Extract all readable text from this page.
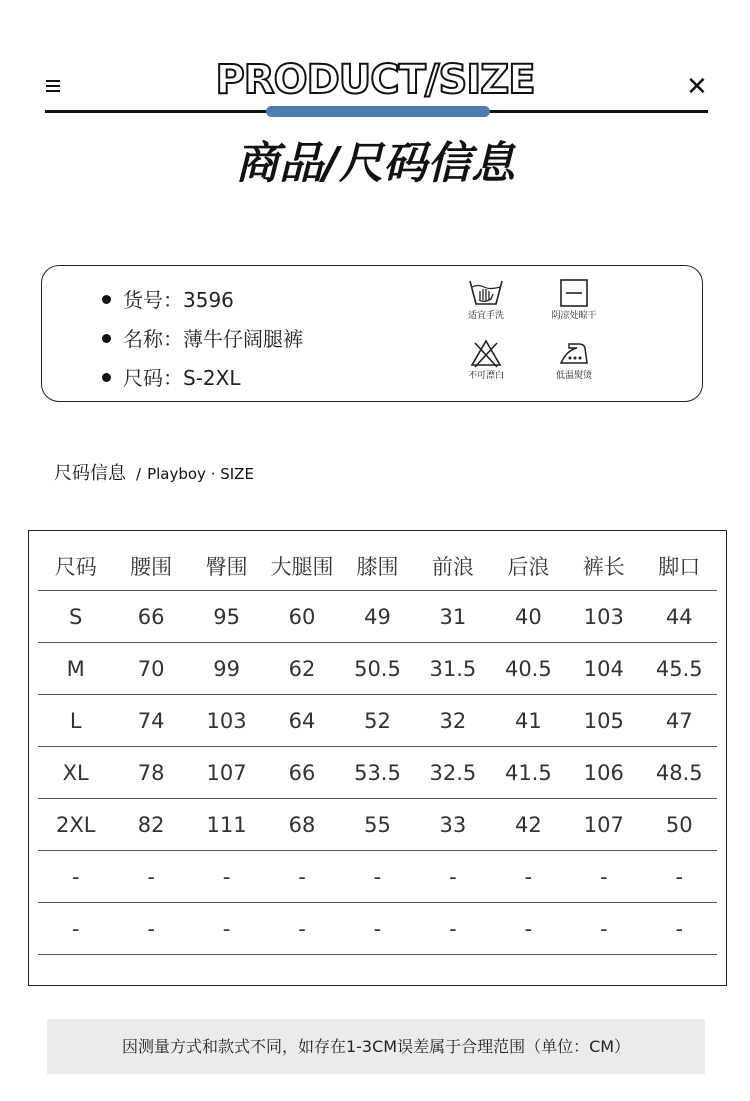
PRODUCT/SIZE	✕
商品/尺码信息
货号：3596
名称：薄牛仔阔腿裤
尺码：S-2XL
适宜手洗	阴凉处晾干
不可漂白	低温熨烫
尺码信息 / Playboy · SIZE
尺码	腰围	臀围	大腿围	膝围	前浪	后浪	裤长	脚口
S	66	95	60	49	31	40	103	44
M	70	99	62	50.5	31.5	40.5	104	45.5
L	74	103	64	52	32	41	105	47
XL	78	107	66	53.5	32.5	41.5	106	48.5
2XL	82	111	68	55	33	42	107	50
-	-	-	-	-	-	-	-	-
-	-	-	-	-	-	-	-	-
因测量方式和款式不同，如存在1-3CM误差属于合理范围（单位：CM）
